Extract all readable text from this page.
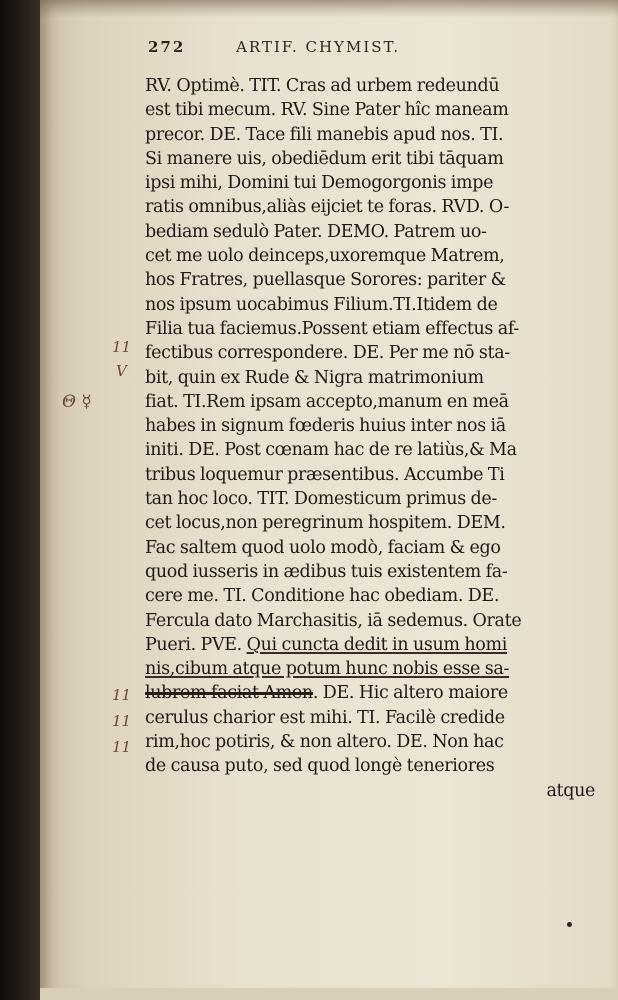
272	ARTIF. CHYMIST.
11
V
Θ ☿
11
11
11
RV. Optimè. TIT. Cras ad urbem redeundū
est tibi mecum. RV. Sine Pater hîc maneam
precor. DE. Tace fili manebis apud nos. TI.
Si manere uis, obediēdum erit tibi tāquam
ipsi mihi, Domini tui Demogorgonis impe
ratis omnibus,aliàs eijciet te foras. RVD. O-
bediam sedulò Pater. DEMO. Patrem uo-
cet me uolo deinceps,uxoremque Matrem,
hos Fratres, puellasque Sorores: pariter &
nos ipsum uocabimus Filium.TI.Itidem de
Filia tua faciemus.Possent etiam effectus af-
fectibus correspondere. DE. Per me nō sta-
bit, quin ex Rude & Nigra matrimonium
fiat. TI.Rem ipsam accepto,manum en meā
habes in signum fœderis huius inter nos iā
initi. DE. Post cœnam hac de re latiùs,& Ma
tribus loquemur præsentibus. Accumbe Ti
tan hoc loco. TIT. Domesticum primus de-
cet locus,non peregrinum hospitem. DEM.
Fac saltem quod uolo modò, faciam & ego
quod iusseris in ædibus tuis existentem fa-
cere me. TI. Conditione hac obediam. DE.
Fercula dato Marchasitis, iā sedemus. Orate
Pueri. PVE. Qui cuncta dedit in usum homi
nis,cibum atque potum hunc nobis esse sa-
lubrem faciat Amen. DE. Hic altero maiore
cerulus charior est mihi. TI. Facilè credide
rim,hoc potiris, & non altero. DE. Non hac
de causa puto, sed quod longè teneriores
atque
